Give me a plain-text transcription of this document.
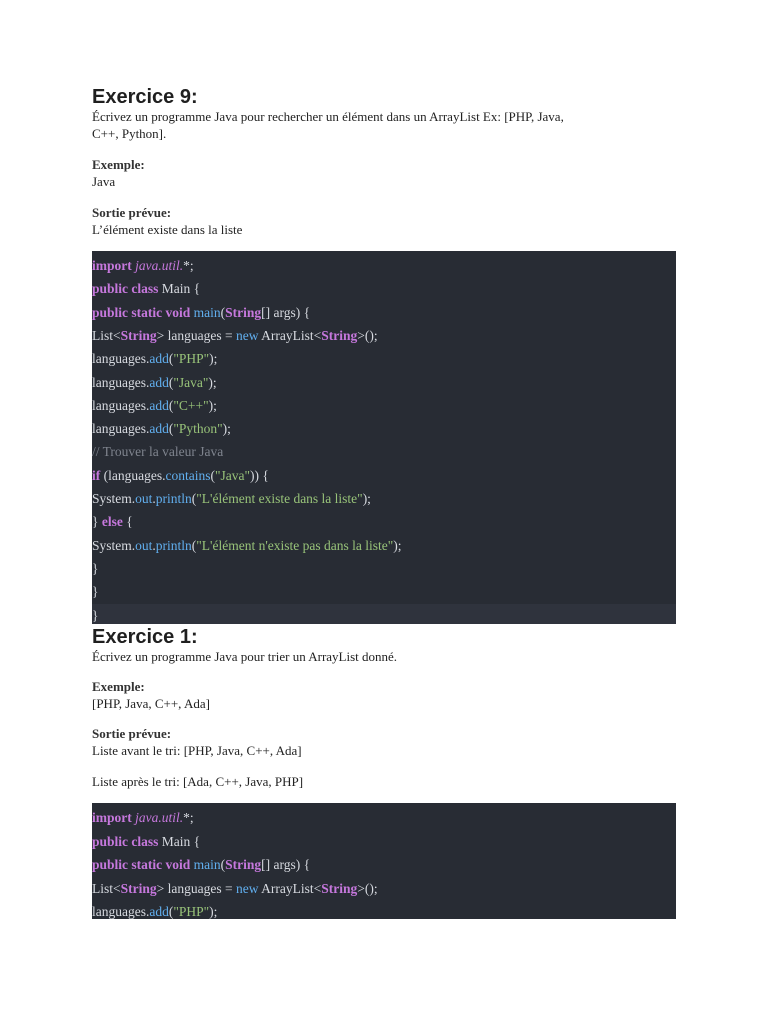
Exercice 9:

Écrivez un programme Java pour rechercher un élément dans un ArrayList Ex: [PHP, Java,

C++, Python].

Exemple:

Java

Sortie prévue:

L’élément existe dans la liste

import java.util.*;
public class Main {
public static void main(String[] args) {
List<String> languages = new ArrayList<String>();
languages.add("PHP");
languages.add("Java");
languages.add("C++");
languages.add("Python");
// Trouver la valeur Java
if (languages.contains("Java")) {
System.out.println("L'élément existe dans la liste");
} else {
System.out.println("L'élément n'existe pas dans la liste");
}
}
}
Exercice 1:

Écrivez un programme Java pour trier un ArrayList donné.

Exemple:

[PHP, Java, C++, Ada]

Sortie prévue:

Liste avant le tri: [PHP, Java, C++, Ada]

Liste après le tri: [Ada, C++, Java, PHP]

import java.util.*;
public class Main {
public static void main(String[] args) {
List<String> languages = new ArrayList<String>();
languages.add("PHP");
